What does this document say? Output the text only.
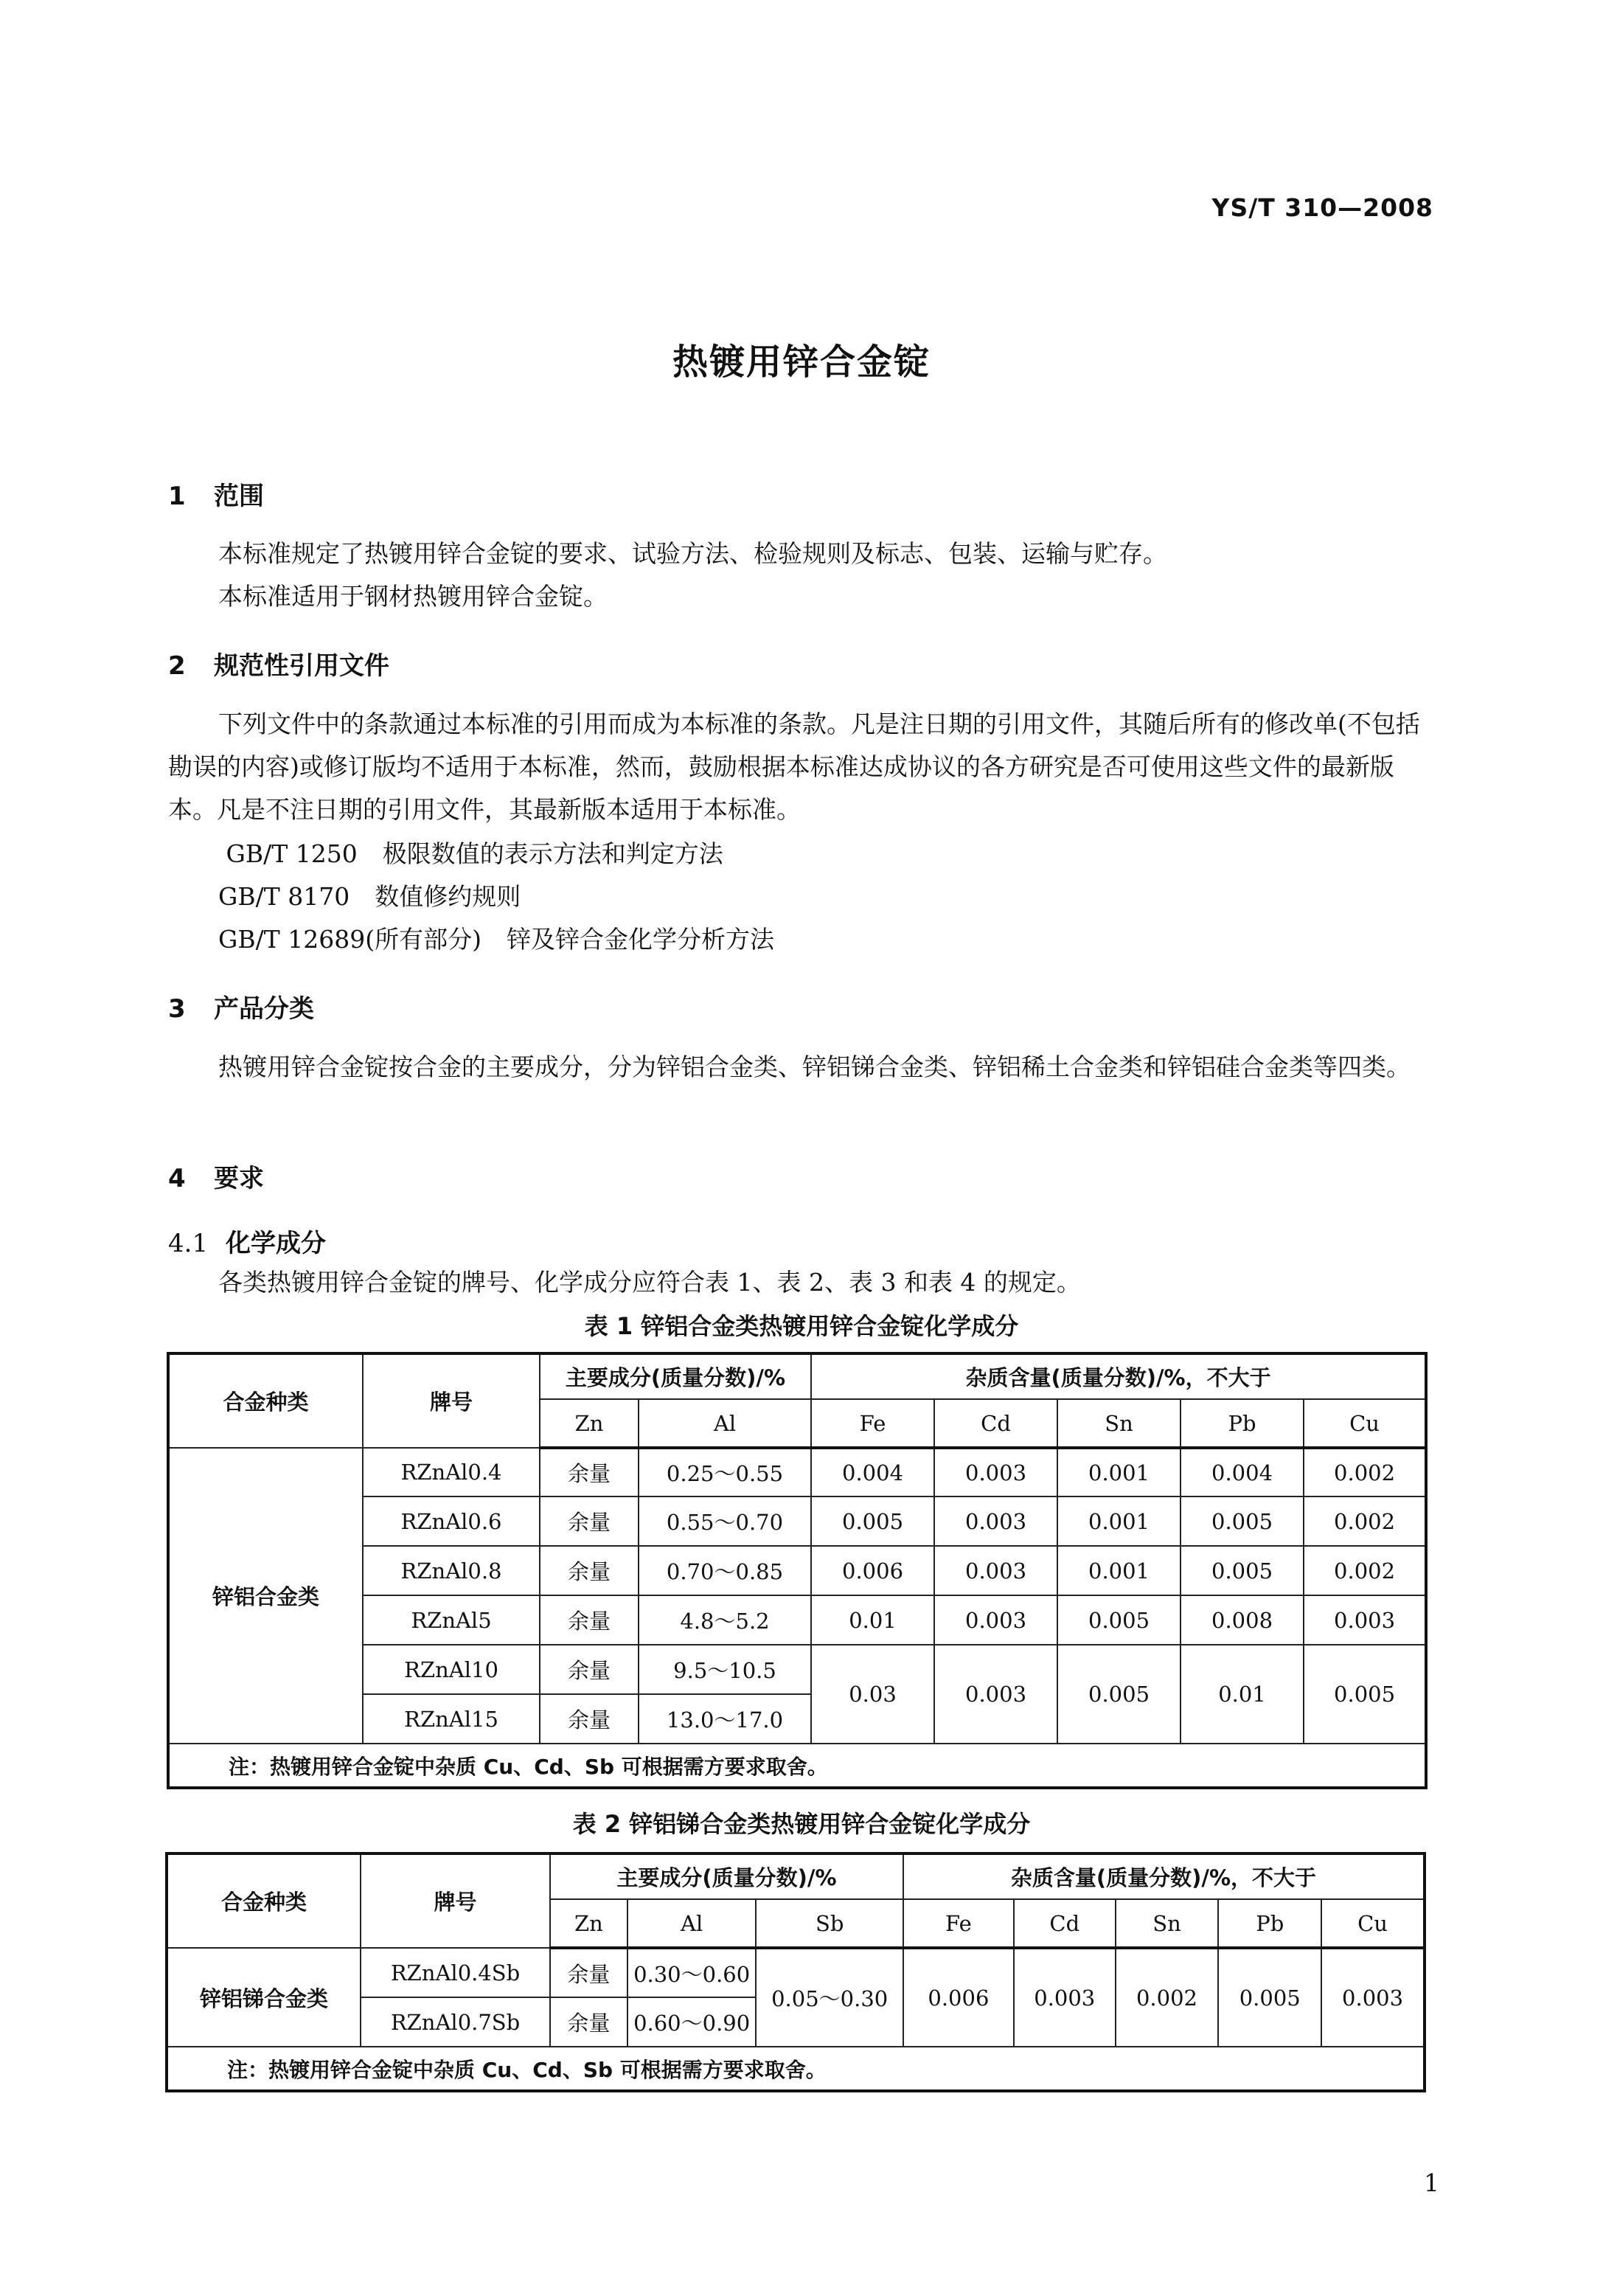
YS/T 310—2008
热镀用锌合金锭
1 范围
本标准规定了热镀用锌合金锭的要求、试验方法、检验规则及标志、包装、运输与贮存。
本标准适用于钢材热镀用锌合金锭。
2 规范性引用文件
下列文件中的条款通过本标准的引用而成为本标准的条款。凡是注日期的引用文件，其随后所有的修改单(不包括勘误的内容)或修订版均不适用于本标准，然而，鼓励根据本标准达成协议的各方研究是否可使用这些文件的最新版本。凡是不注日期的引用文件，其最新版本适用于本标准。
GB/T 1250 极限数值的表示方法和判定方法
GB/T 8170 数值修约规则
GB/T 12689(所有部分) 锌及锌合金化学分析方法
3 产品分类
热镀用锌合金锭按合金的主要成分，分为锌铝合金类、锌铝锑合金类、锌铝稀土合金类和锌铝硅合金类等四类。
4 要求
4.1 化学成分
各类热镀用锌合金锭的牌号、化学成分应符合表 1、表 2、表 3 和表 4 的规定。
表 1 锌铝合金类热镀用锌合金锭化学成分
合金种类	牌号	主要成分(质量分数)/%		杂质含量(质量分数)/%，不大于				
		Zn	Al	Fe	Cd	Sn	Pb	Cu
锌铝合金类	RZnAl0.4	余量	0.25～0.55	0.004	0.003	0.001	0.004	0.002
	RZnAl0.6	余量	0.55～0.70	0.005	0.003	0.001	0.005	0.002
	RZnAl0.8	余量	0.70～0.85	0.006	0.003	0.001	0.005	0.002
	RZnAl5	余量	4.8～5.2	0.01	0.003	0.005	0.008	0.003
	RZnAl10	余量	9.5～10.5	0.03	0.003	0.005	0.01	0.005
	RZnAl15	余量	13.0～17.0					
注：热镀用锌合金锭中杂质 Cu、Cd、Sb 可根据需方要求取舍。								
表 2 锌铝锑合金类热镀用锌合金锭化学成分
合金种类	牌号	主要成分(质量分数)/%			杂质含量(质量分数)/%，不大于				
		Zn	Al	Sb	Fe	Cd	Sn	Pb	Cu
锌铝锑合金类	RZnAl0.4Sb	余量	0.30～0.60	0.05～0.30	0.006	0.003	0.002	0.005	0.003
	RZnAl0.7Sb	余量	0.60～0.90						
注：热镀用锌合金锭中杂质 Cu、Cd、Sb 可根据需方要求取舍。									
1
